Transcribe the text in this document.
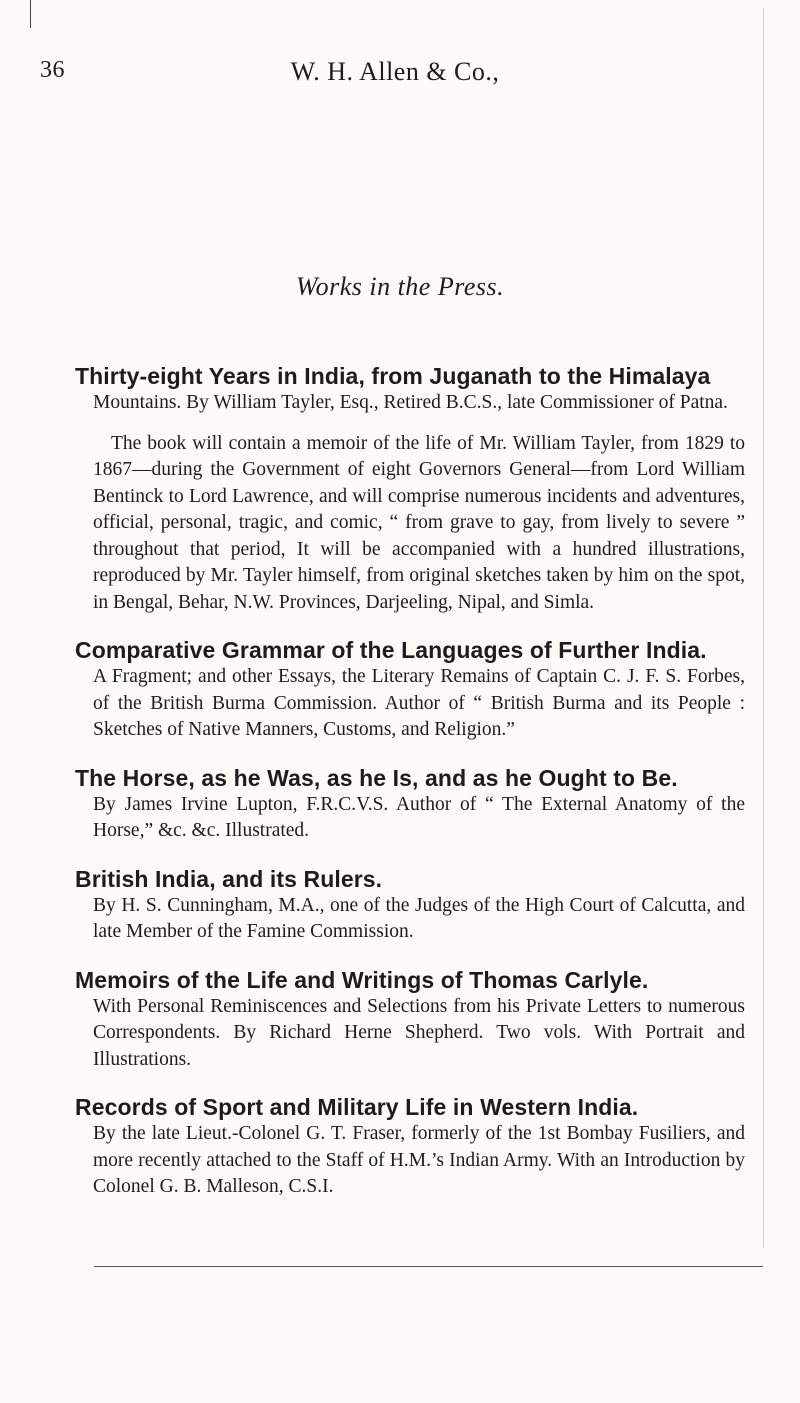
36	W. H. Allen & Co.,
Works in the Press.
Thirty-eight Years in India, from Juganath to the Himalaya
Mountains. By William Tayler, Esq., Retired B.C.S., late Commissioner of Patna.
The book will contain a memoir of the life of Mr. William Tayler, from 1829 to 1867—during the Government of eight Governors General—from Lord William Bentinck to Lord Lawrence, and will comprise numerous incidents and adventures, official, personal, tragic, and comic, “ from grave to gay, from lively to severe ” throughout that period, It will be accompanied with a hundred illustrations, reproduced by Mr. Tayler himself, from original sketches taken by him on the spot, in Bengal, Behar, N.W. Provinces, Darjeeling, Nipal, and Simla.
Comparative Grammar of the Languages of Further India.
A Fragment; and other Essays, the Literary Remains of Captain C. J. F. S. Forbes, of the British Burma Commission. Author of “ British Burma and its People : Sketches of Native Manners, Customs, and Religion.”
The Horse, as he Was, as he Is, and as he Ought to Be.
By James Irvine Lupton, F.R.C.V.S. Author of “ The External Anatomy of the Horse,” &c. &c. Illustrated.
British India, and its Rulers.
By H. S. Cunningham, M.A., one of the Judges of the High Court of Calcutta, and late Member of the Famine Commission.
Memoirs of the Life and Writings of Thomas Carlyle.
With Personal Reminiscences and Selections from his Private Letters to numerous Correspondents. By Richard Herne Shepherd. Two vols. With Portrait and Illustrations.
Records of Sport and Military Life in Western India.
By the late Lieut.-Colonel G. T. Fraser, formerly of the 1st Bombay Fusiliers, and more recently attached to the Staff of H.M.’s Indian Army. With an Introduction by Colonel G. B. Malleson, C.S.I.
